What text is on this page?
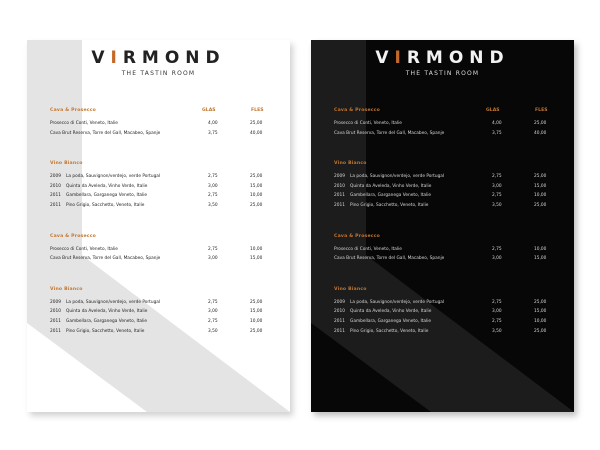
VIRMOND
THE TASTIN ROOM
Cava & Prosecco	GLAS	FLES
Prosecco di Conti, Veneto, Italie	4,00	25,00
Cava Brut Reserva, Torre del Gall, Macabeo, Spanje	3,75	40,00
Vino Bianco
2009 La poda, Sauvignon/verdejo, verde Portugal	2,75	25,00
2010 Quinta da Aveleda, Vinho Verde, Italie	3,00	15,00
2011 Gambellara, Garganega Veneto, Italie	2,75	10,00
2011 Pino Grigio, Sacchetto, Veneto, Italie	3,50	25,00
Cava & Prosecco
Prosecco di Conti, Veneto, Italie	2,75	10,00
Cava Brut Reserva, Torre del Gall, Macabeo, Spanje	3,00	15,00
Vino Bianco
2009 La poda, Sauvignon/verdejo, verde Portugal	2,75	25,00
2010 Quinta da Aveleda, Vinho Verde, Italie	3,00	15,00
2011 Gambellara, Garganega Veneto, Italie	2,75	10,00
2011 Pino Grigio, Sacchetto, Veneto, Italie	3,50	25,00
VIRMOND
THE TASTIN ROOM
Cava & Prosecco	GLAS	FLES
Prosecco di Conti, Veneto, Italie	4,00	25,00
Cava Brut Reserva, Torre del Gall, Macabeo, Spanje	3,75	40,00
Vino Bianco
2009 La poda, Sauvignon/verdejo, verde Portugal	2,75	25,00
2010 Quinta da Aveleda, Vinho Verde, Italie	3,00	15,00
2011 Gambellara, Garganega Veneto, Italie	2,75	10,00
2011 Pino Grigio, Sacchetto, Veneto, Italie	3,50	25,00
Cava & Prosecco
Prosecco di Conti, Veneto, Italie	2,75	10,00
Cava Brut Reserva, Torre del Gall, Macabeo, Spanje	3,00	15,00
Vino Bianco
2009 La poda, Sauvignon/verdejo, verde Portugal	2,75	25,00
2010 Quinta da Aveleda, Vinho Verde, Italie	3,00	15,00
2011 Gambellara, Garganega Veneto, Italie	2,75	10,00
2011 Pino Grigio, Sacchetto, Veneto, Italie	3,50	25,00
